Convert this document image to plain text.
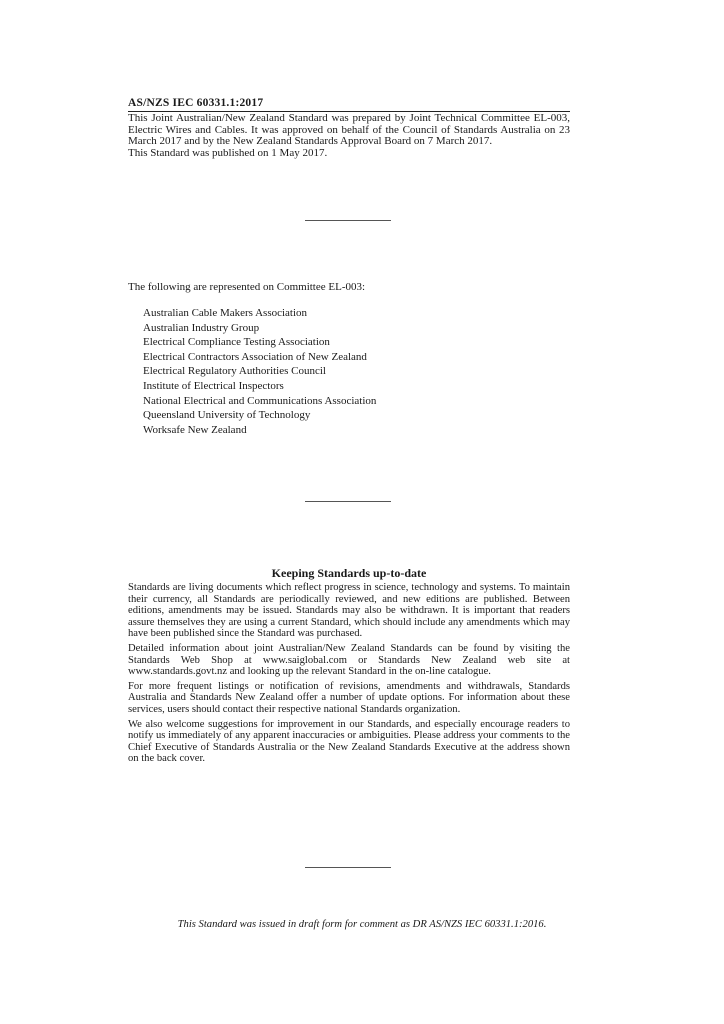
AS/NZS IEC 60331.1:2017

This Joint Australian/New Zealand Standard was prepared by Joint Technical Committee EL-003, Electric Wires and Cables. It was approved on behalf of the Council of Standards Australia on 23 March 2017 and by the New Zealand Standards Approval Board on 7 March 2017.

This Standard was published on 1 May 2017.

The following are represented on Committee EL-003:
Australian Cable Makers Association
Australian Industry Group
Electrical Compliance Testing Association
Electrical Contractors Association of New Zealand
Electrical Regulatory Authorities Council
Institute of Electrical Inspectors
National Electrical and Communications Association
Queensland University of Technology
Worksafe New Zealand
Keeping Standards up-to-date

Standards are living documents which reflect progress in science, technology and systems. To maintain their currency, all Standards are periodically reviewed, and new editions are published. Between editions, amendments may be issued. Standards may also be withdrawn. It is important that readers assure themselves they are using a current Standard, which should include any amendments which may have been published since the Standard was purchased.

Detailed information about joint Australian/New Zealand Standards can be found by visiting the Standards Web Shop at www.saiglobal.com or Standards New Zealand web site at www.standards.govt.nz and looking up the relevant Standard in the on-line catalogue.

For more frequent listings or notification of revisions, amendments and withdrawals, Standards Australia and Standards New Zealand offer a number of update options. For information about these services, users should contact their respective national Standards organization.

We also welcome suggestions for improvement in our Standards, and especially encourage readers to notify us immediately of any apparent inaccuracies or ambiguities. Please address your comments to the Chief Executive of Standards Australia or the New Zealand Standards Executive at the address shown on the back cover.

This Standard was issued in draft form for comment as DR AS/NZS IEC 60331.1:2016.
